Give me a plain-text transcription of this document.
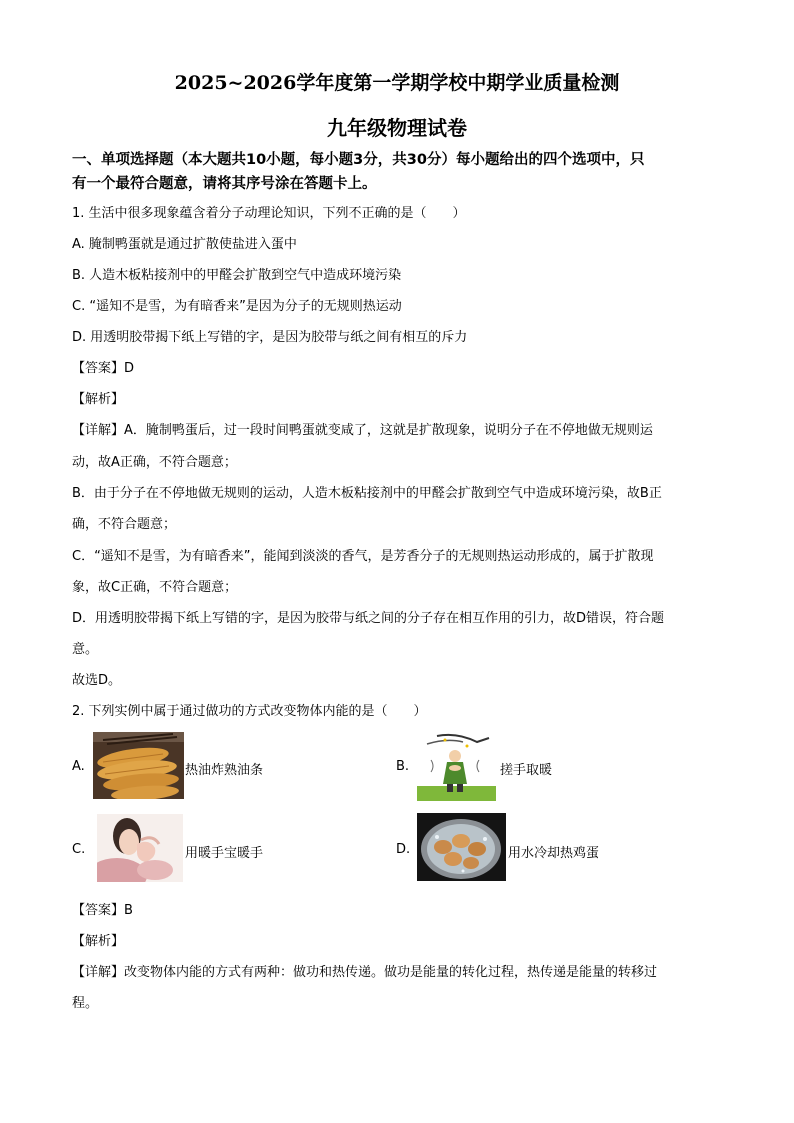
2025~2026学年度第一学期学校中期学业质量检测
九年级物理试卷
一、单项选择题（本大题共10小题，每小题3分，共30分）每小题给出的四个选项中，只
有一个最符合题意，请将其序号涂在答题卡上。
1. 生活中很多现象蕴含着分子动理论知识，下列不正确的是（　　）
A. 腌制鸭蛋就是通过扩散使盐进入蛋中
B. 人造木板粘接剂中的甲醛会扩散到空气中造成环境污染
C. “遥知不是雪，为有暗香来”是因为分子的无规则热运动
D. 用透明胶带揭下纸上写错的字，是因为胶带与纸之间有相互的斥力
【答案】D
【解析】
【详解】A．腌制鸭蛋后，过一段时间鸭蛋就变咸了，这就是扩散现象，说明分子在不停地做无规则运
动，故A正确，不符合题意；
B．由于分子在不停地做无规则的运动，人造木板粘接剂中的甲醛会扩散到空气中造成环境污染，故B正
确，不符合题意；
C．“遥知不是雪，为有暗香来”，能闻到淡淡的香气，是芳香分子的无规则热运动形成的，属于扩散现
象，故C正确，不符合题意；
D．用透明胶带揭下纸上写错的字，是因为胶带与纸之间的分子存在相互作用的引力，故D错误，符合题
意。
故选D。
2. 下列实例中属于通过做功的方式改变物体内能的是（　　）
A.	热油炸熟油条	B.	搓手取暖
C.	用暖手宝暖手	D.	用水冷却热鸡蛋
【答案】B
【解析】
【详解】改变物体内能的方式有两种：做功和热传递。做功是能量的转化过程，热传递是能量的转移过
程。
